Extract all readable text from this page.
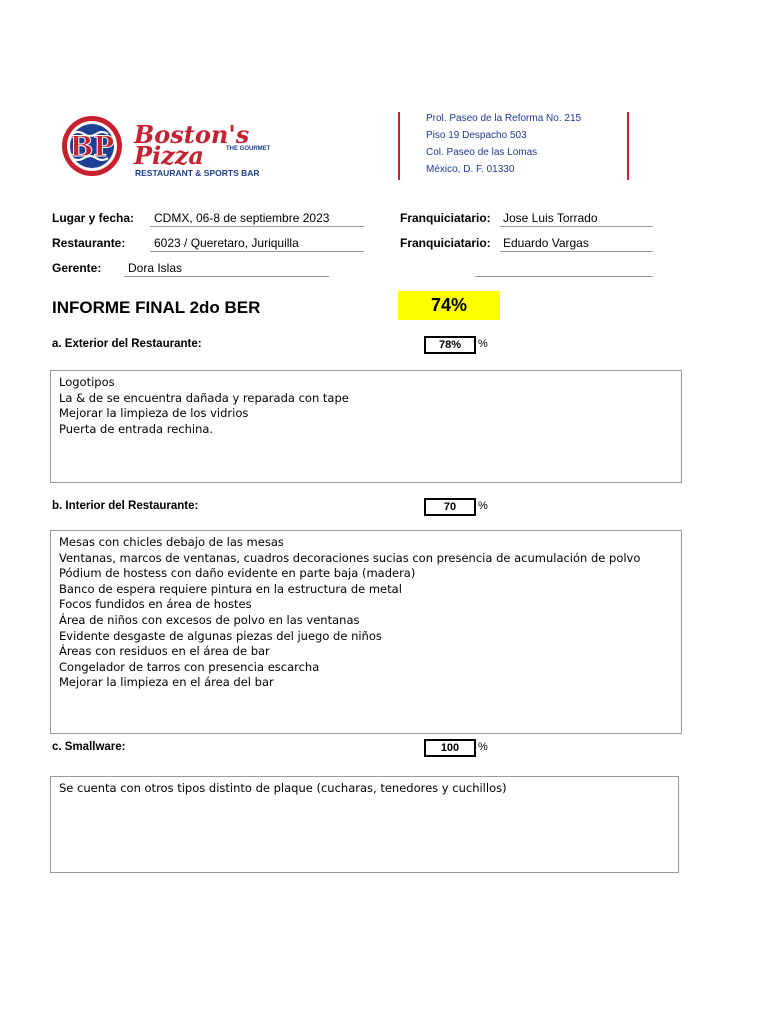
BP Boston's
THE GOURMET
Pizza
RESTAURANT & SPORTS BAR
Prol. Paseo de la Reforma No. 215
Piso 19 Despacho 503
Col. Paseo de las Lomas
México, D. F. 01330
Lugar y fecha: CDMX, 06-8 de septiembre 2023	Franquiciatario: Jose Luis Torrado
Restaurante: 6023 / Queretaro, Juriquilla	Franquiciatario: Eduardo Vargas
Gerente: Dora Islas
INFORME FINAL 2do BER	74%
a. Exterior del Restaurante:	78%	%
Logotipos
La & de se encuentra dañada y reparada con tape
Mejorar la limpieza de los vidrios
Puerta de entrada rechina.
b. Interior del Restaurante:	70	%
Mesas con chicles debajo de las mesas
Ventanas, marcos de ventanas, cuadros decoraciones sucias con presencia de acumulación de polvo
Pódium de hostess con daño evidente en parte baja (madera)
Banco de espera requiere pintura en la estructura de metal
Focos fundidos en área de hostes
Área de niños con excesos de polvo en las ventanas
Evidente desgaste de algunas piezas del juego de niños
Áreas con residuos en el área de bar
Congelador de tarros con presencia escarcha
Mejorar la limpieza en el área del bar
c. Smallware:	100	%
Se cuenta con otros tipos distinto de plaque (cucharas, tenedores y cuchillos)
